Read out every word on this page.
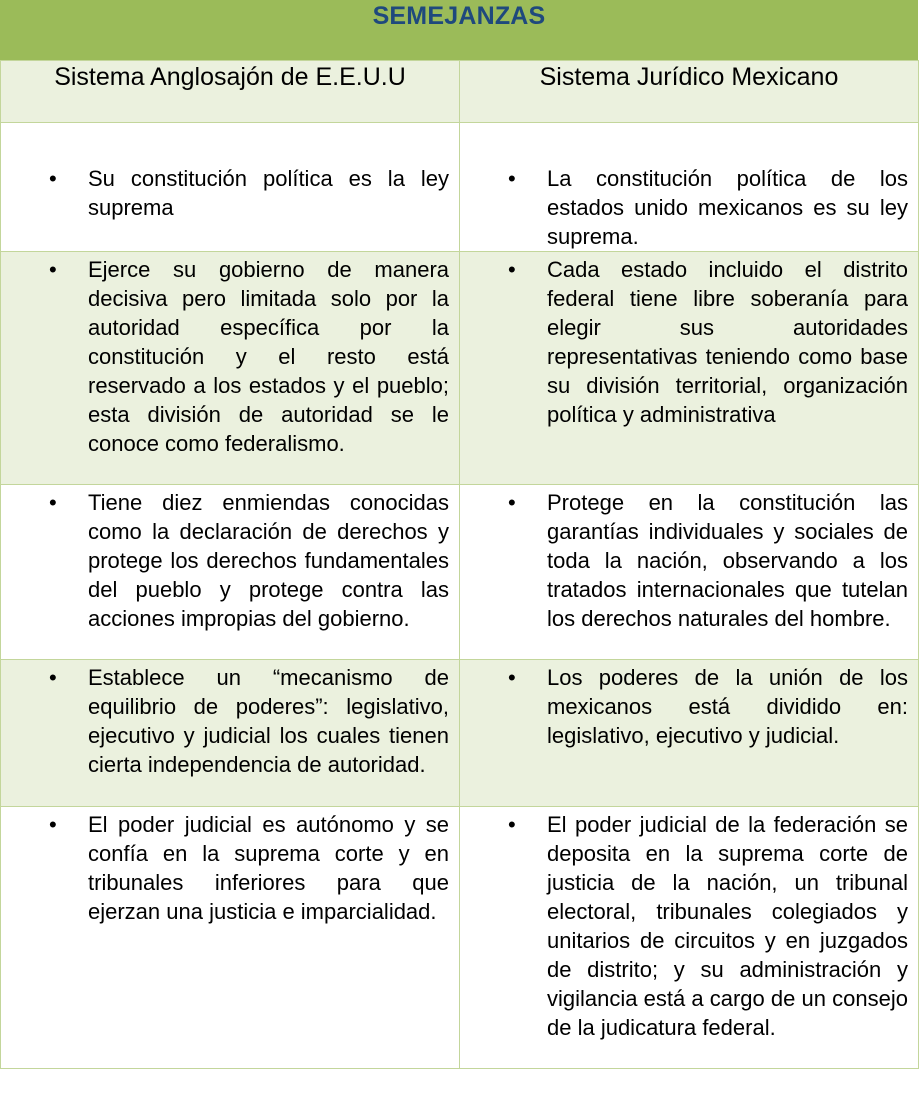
SEMEJANZAS
Sistema Anglosajón de E.E.U.U	Sistema Jurídico Mexicano

• Su constitución política es la ley suprema	• La constitución política de los estados unido mexicanos es su ley suprema.

• Ejerce su gobierno de manera decisiva pero limitada solo por la autoridad específica por la constitución y el resto está reservado a los estados y el pueblo; esta división de autoridad se le conoce como federalismo.	• Cada estado incluido el distrito federal tiene libre soberanía para elegir sus autoridades representativas teniendo como base su división territorial, organización política y administrativa

• Tiene diez enmiendas conocidas como la declaración de derechos y protege los derechos fundamentales del pueblo y protege contra las acciones impropias del gobierno.	• Protege en la constitución las garantías individuales y sociales de toda la nación, observando a los tratados internacionales que tutelan los derechos naturales del hombre.

• Establece un “mecanismo de equilibrio de poderes”: legislativo, ejecutivo y judicial los cuales tienen cierta independencia de autoridad.	• Los poderes de la unión de los mexicanos está dividido en: legislativo, ejecutivo y judicial.

• El poder judicial es autónomo y se confía en la suprema corte y en tribunales inferiores para que ejerzan una justicia e imparcialidad.	• El poder judicial de la federación se deposita en la suprema corte de justicia de la nación, un tribunal electoral, tribunales colegiados y unitarios de circuitos y en juzgados de distrito; y su administración y vigilancia está a cargo de un consejo de la judicatura federal.
